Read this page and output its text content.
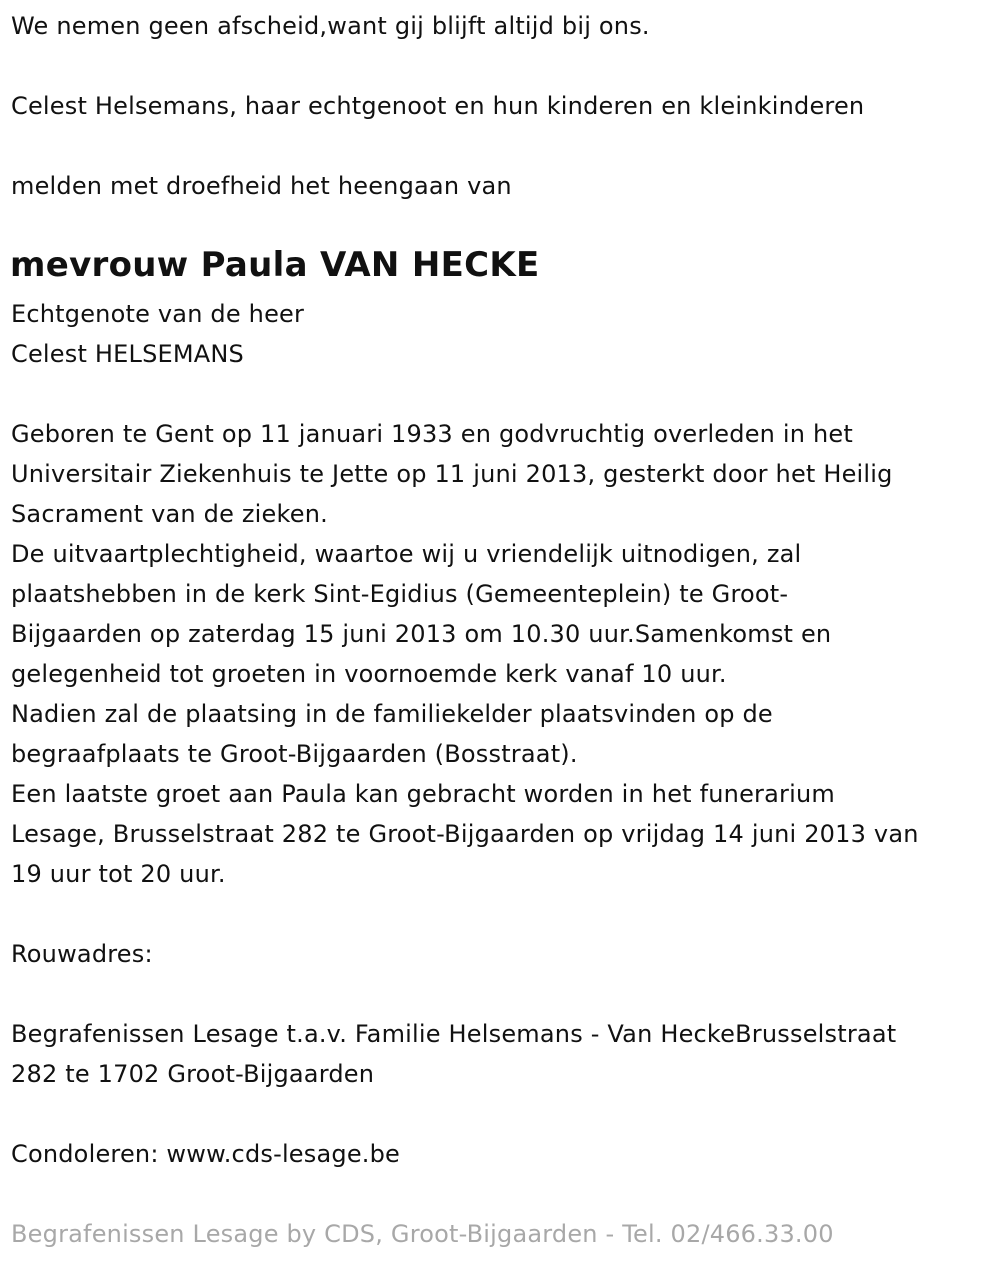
We nemen geen afscheid,want gij blijft altijd bij ons.
Celest Helsemans, haar echtgenoot en hun kinderen en kleinkinderen
melden met droefheid het heengaan van
mevrouw Paula VAN HECKE
Echtgenote van de heer
Celest HELSEMANS
Geboren te Gent op 11 januari 1933 en godvruchtig overleden in het
Universitair Ziekenhuis te Jette op 11 juni 2013, gesterkt door het Heilig
Sacrament van de zieken.
De uitvaartplechtigheid, waartoe wij u vriendelijk uitnodigen, zal
plaatshebben in de kerk Sint-Egidius (Gemeenteplein) te Groot-
Bijgaarden op zaterdag 15 juni 2013 om 10.30 uur.Samenkomst en
gelegenheid tot groeten in voornoemde kerk vanaf 10 uur.
Nadien zal de plaatsing in de familiekelder plaatsvinden op de
begraafplaats te Groot-Bijgaarden (Bosstraat).
Een laatste groet aan Paula kan gebracht worden in het funerarium
Lesage, Brusselstraat 282 te Groot-Bijgaarden op vrijdag 14 juni 2013 van
19 uur tot 20 uur.
Rouwadres:
Begrafenissen Lesage t.a.v. Familie Helsemans - Van HeckeBrusselstraat
282 te 1702 Groot-Bijgaarden
Condoleren: www.cds-lesage.be
Begrafenissen Lesage by CDS, Groot-Bijgaarden - Tel. 02/466.33.00
